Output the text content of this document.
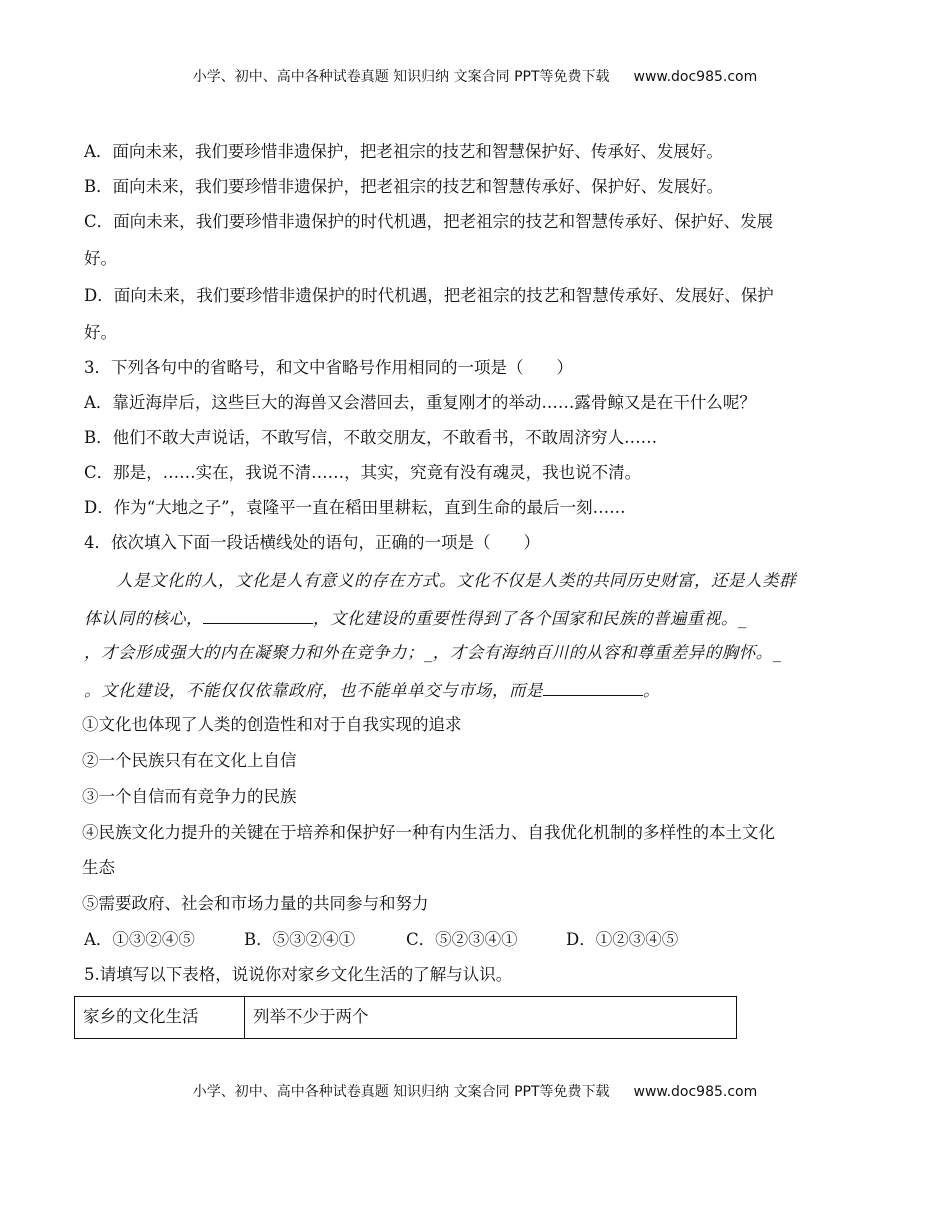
小学、初中、高中各种试卷真题 知识归纳 文案合同 PPT等免费下载 www.doc985.com
A．面向未来，我们要珍惜非遗保护，把老祖宗的技艺和智慧保护好、传承好、发展好。
B．面向未来，我们要珍惜非遗保护，把老祖宗的技艺和智慧传承好、保护好、发展好。
C．面向未来，我们要珍惜非遗保护的时代机遇，把老祖宗的技艺和智慧传承好、保护好、发展
好。
D．面向未来，我们要珍惜非遗保护的时代机遇，把老祖宗的技艺和智慧传承好、发展好、保护
好。
3．下列各句中的省略号，和文中省略号作用相同的一项是（　　）
A．靠近海岸后，这些巨大的海兽又会潜回去，重复刚才的举动……露骨鲸又是在干什么呢？
B．他们不敢大声说话，不敢写信，不敢交朋友，不敢看书，不敢周济穷人……
C．那是，……实在，我说不清……，其实，究竟有没有魂灵，我也说不清。
D．作为“大地之子”，袁隆平一直在稻田里耕耘，直到生命的最后一刻……
4．依次填入下面一段话横线处的语句，正确的一项是（　　）
人是文化的人，文化是人有意义的存在方式。文化不仅是人类的共同历史财富，还是人类群
体认同的核心，	，文化建设的重要性得到了各个国家和民族的普遍重视。_
，才会形成强大的内在凝聚力和外在竞争力；_，才会有海纳百川的从容和尊重差异的胸怀。_
。文化建设，不能仅仅依靠政府，也不能单单交与市场，而是	。
①文化也体现了人类的创造性和对于自我实现的追求
②一个民族只有在文化上自信
③一个自信而有竞争力的民族
④民族文化力提升的关键在于培养和保护好一种有内生活力、自我优化机制的多样性的本土文化
生态
⑤需要政府、社会和市场力量的共同参与和努力
A．①③②④⑤	B．⑤③②④①	C．⑤②③④①	D．①②③④⑤
5.请填写以下表格，说说你对家乡文化生活的了解与认识。
家乡的文化生活	列举不少于两个
小学、初中、高中各种试卷真题 知识归纳 文案合同 PPT等免费下载 www.doc985.com
